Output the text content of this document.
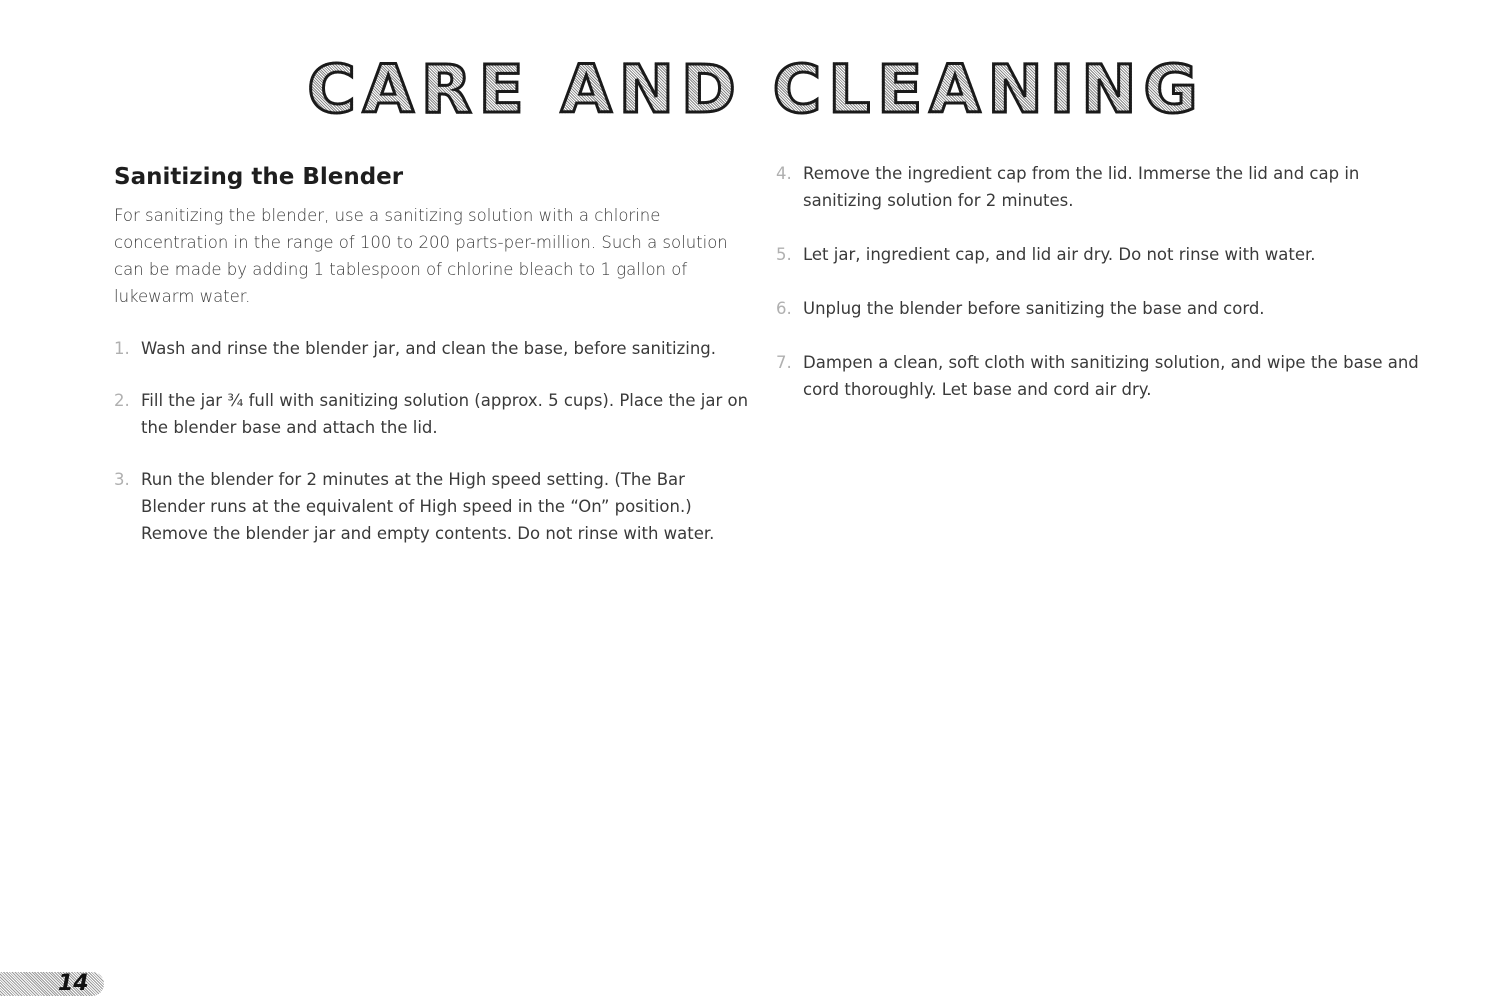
CARE AND CLEANING
Sanitizing the Blender

For sanitizing the blender, use a sanitizing solution with a chlorine concentration in the range of 100 to 200 parts-per-million. Such a solution can be made by adding 1 tablespoon of chlorine bleach to 1 gallon of lukewarm water.

1. Wash and rinse the blender jar, and clean the base, before sanitizing.
2. Fill the jar ¾ full with sanitizing solution (approx. 5 cups). Place the jar on the blender base and attach the lid.
3. Run the blender for 2 minutes at the High speed setting. (The Bar Blender runs at the equivalent of High speed in the “On” position.) Remove the blender jar and empty contents. Do not rinse with water.
4. Remove the ingredient cap from the lid. Immerse the lid and cap in sanitizing solution for 2 minutes.
5. Let jar, ingredient cap, and lid air dry. Do not rinse with water.
6. Unplug the blender before sanitizing the base and cord.
7. Dampen a clean, soft cloth with sanitizing solution, and wipe the base and cord thoroughly. Let base and cord air dry.
14
